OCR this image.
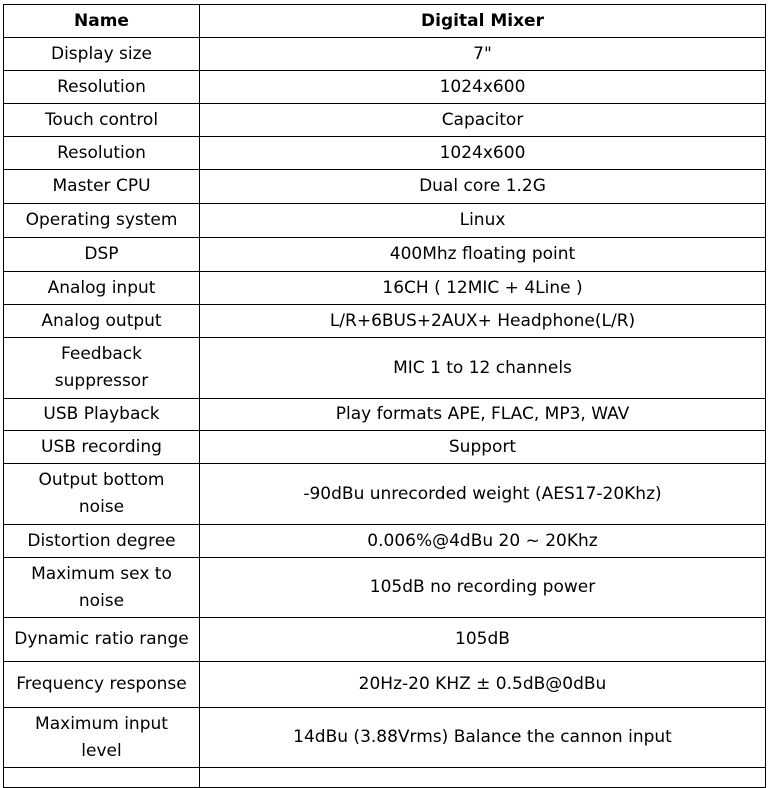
Name	Digital Mixer
Display size	7"
Resolution	1024x600
Touch control	Capacitor
Resolution	1024x600
Master CPU	Dual core 1.2G
Operating system	Linux
DSP	400Mhz floating point
Analog input	16CH ( 12MIC + 4Line )
Analog output	L/R+6BUS+2AUX+ Headphone(L/R)
Feedback
suppressor	MIC 1 to 12 channels
USB Playback	Play formats APE, FLAC, MP3, WAV
USB recording	Support
Output bottom
noise	-90dBu unrecorded weight (AES17-20Khz)
Distortion degree	0.006%@4dBu 20 ~ 20Khz
Maximum sex to
noise	105dB no recording power
Dynamic ratio range	105dB
Frequency response	20Hz-20 KHZ ± 0.5dB@0dBu
Maximum input
level	14dBu (3.88Vrms) Balance the cannon input
